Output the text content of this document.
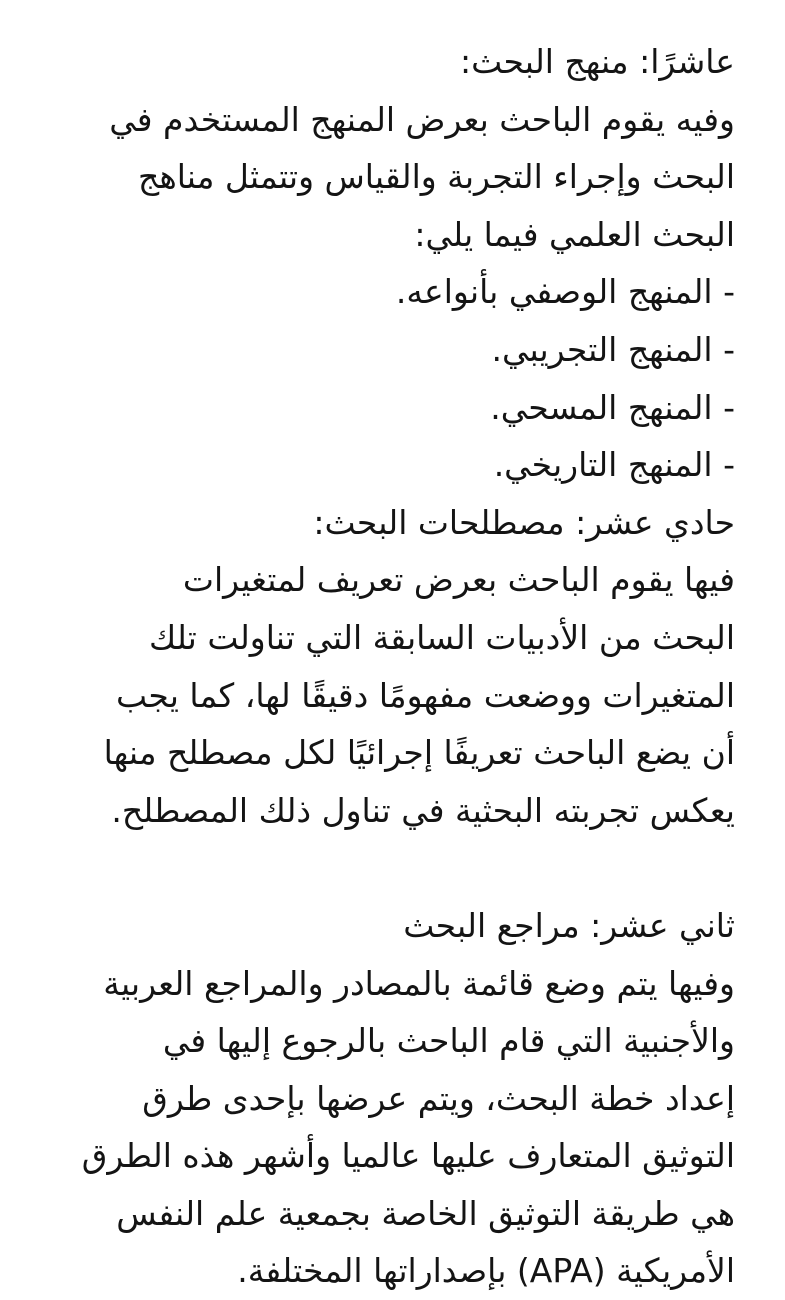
عاشرًا: منهج البحث:
وفيه يقوم الباحث بعرض المنهج المستخدم في
البحث وإجراء التجربة والقياس وتتمثل مناهج
البحث العلمي فيما يلي:
- المنهج الوصفي بأنواعه.
- المنهج التجريبي.
- المنهج المسحي.
- المنهج التاريخي.
حادي عشر: مصطلحات البحث:
فيها يقوم الباحث بعرض تعريف لمتغيرات
البحث من الأدبيات السابقة التي تناولت تلك
المتغيرات ووضعت مفهومًا دقيقًا لها، كما يجب
أن يضع الباحث تعريفًا إجرائيًا لكل مصطلح منها
يعكس تجربته البحثية في تناول ذلك المصطلح.
ثاني عشر: مراجع البحث
وفيها يتم وضع قائمة بالمصادر والمراجع العربية
والأجنبية التي قام الباحث بالرجوع إليها في
إعداد خطة البحث، ويتم عرضها بإحدى طرق
التوثيق المتعارف عليها عالميا وأشهر هذه الطرق
هي طريقة التوثيق الخاصة بجمعية علم النفس
الأمريكية (APA) بإصداراتها المختلفة.
